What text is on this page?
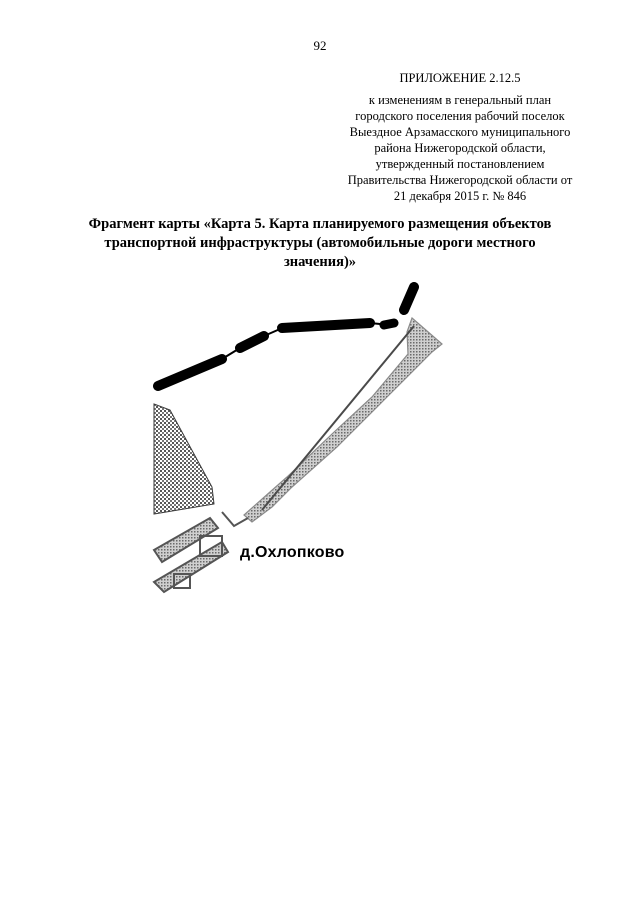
92
ПРИЛОЖЕНИЕ 2.12.5
к изменениям в генеральный план
городского поселения рабочий поселок
Выездное Арзамасского муниципального
района Нижегородской области,
утвержденный постановлением
Правительства Нижегородской области от
21 декабря 2015 г. № 846
Фрагмент карты «Карта 5. Карта планируемого размещения объектов
транспортной инфраструктуры (автомобильные дороги местного
значения)»
д.Охлопково
